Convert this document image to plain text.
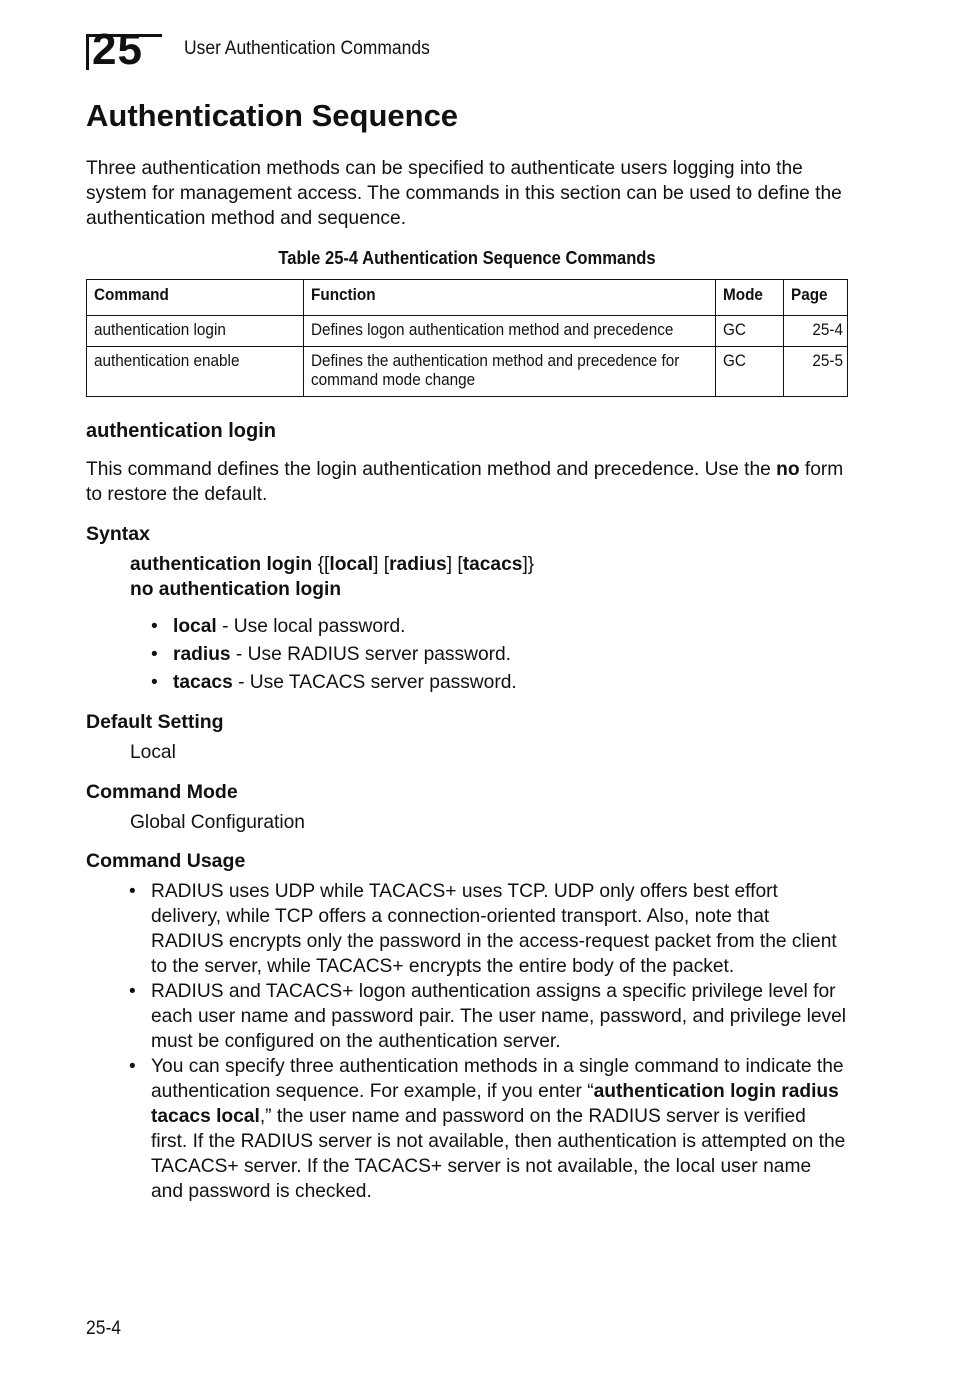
25 User Authentication Commands
Authentication Sequence

Three authentication methods can be specified to authenticate users logging into the system for management access. The commands in this section can be used to define the authentication method and sequence.

Table 25-4 Authentication Sequence Commands
Command	Function	Mode	Page
authentication login	Defines logon authentication method and precedence	GC	25-4
authentication enable	Defines the authentication method and precedence for command mode change	GC	25-5
authentication login

This command defines the login authentication method and precedence. Use the no form to restore the default.

Syntax
authentication login {[local] [radius] [tacacs]}
no authentication login
• local - Use local password.
• radius - Use RADIUS server password.
• tacacs - Use TACACS server password.
Default Setting
Local
Command Mode
Global Configuration
Command Usage
• RADIUS uses UDP while TACACS+ uses TCP. UDP only offers best effort delivery, while TCP offers a connection-oriented transport. Also, note that RADIUS encrypts only the password in the access-request packet from the client to the server, while TACACS+ encrypts the entire body of the packet.
• RADIUS and TACACS+ logon authentication assigns a specific privilege level for each user name and password pair. The user name, password, and privilege level must be configured on the authentication server.
• You can specify three authentication methods in a single command to indicate the authentication sequence. For example, if you enter “authentication login radius tacacs local,” the user name and password on the RADIUS server is verified first. If the RADIUS server is not available, then authentication is attempted on the TACACS+ server. If the TACACS+ server is not available, the local user name and password is checked.
25-4
